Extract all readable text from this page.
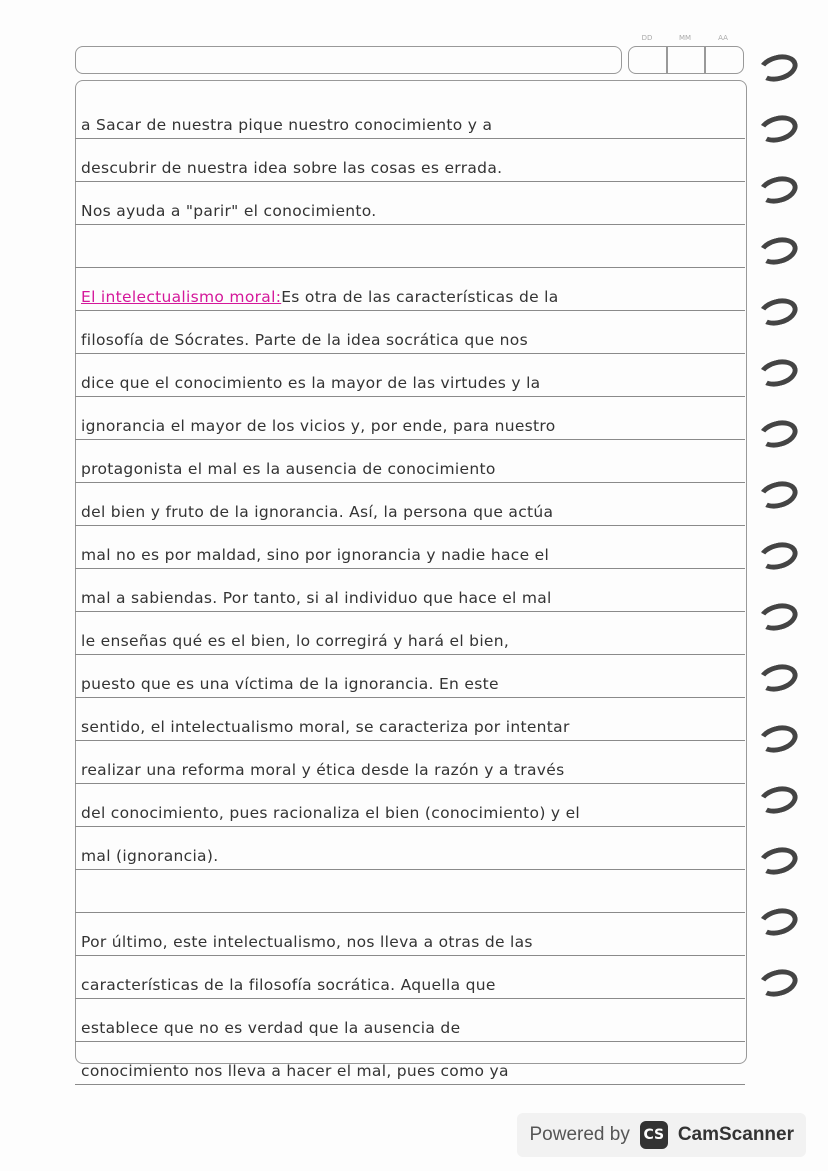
DD	MM	AA
a Sacar de nuestra pique nuestro conocimiento y a
descubrir de nuestra idea sobre las cosas es errada.
Nos ayuda a "parir" el conocimiento.
El intelectualismo moral:Es otra de las características de la
filosofía de Sócrates. Parte de la idea socrática que nos
dice que el conocimiento es la mayor de las virtudes y la
ignorancia el mayor de los vicios y, por ende, para nuestro
protagonista el mal es la ausencia de conocimiento
del bien y fruto de la ignorancia. Así, la persona que actúa
mal no es por maldad, sino por ignorancia y nadie hace el
mal a sabiendas. Por tanto, si al individuo que hace el mal
le enseñas qué es el bien, lo corregirá y hará el bien,
puesto que es una víctima de la ignorancia. En este
sentido, el intelectualismo moral, se caracteriza por intentar
realizar una reforma moral y ética desde la razón y a través
del conocimiento, pues racionaliza el bien (conocimiento) y el
mal (ignorancia).
Por último, este intelectualismo, nos lleva a otras de las
características de la filosofía socrática. Aquella que
establece que no es verdad que la ausencia de
conocimiento nos lleva a hacer el mal, pues como ya
Powered by CS CamScanner
